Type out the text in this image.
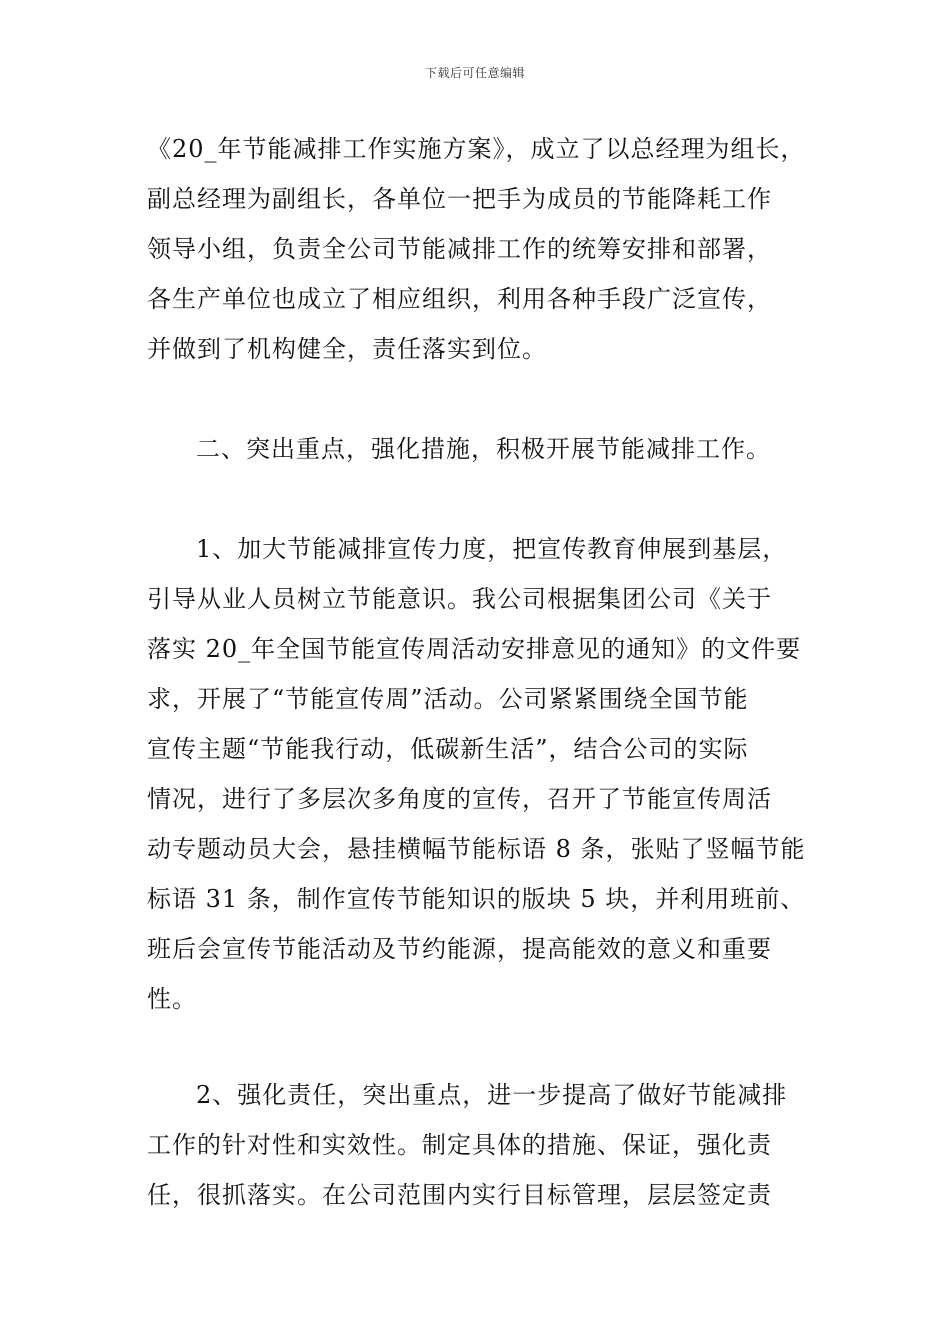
下载后可任意编辑
《20_年节能减排工作实施方案》，成立了以总经理为组长，
副总经理为副组长，各单位一把手为成员的节能降耗工作
领导小组，负责全公司节能减排工作的统筹安排和部署，
各生产单位也成立了相应组织，利用各种手段广泛宣传，
并做到了机构健全，责任落实到位。
二、突出重点，强化措施，积极开展节能减排工作。
1、加大节能减排宣传力度，把宣传教育伸展到基层，
引导从业人员树立节能意识。我公司根据集团公司《关于
落实 20_年全国节能宣传周活动安排意见的通知》的文件要
求，开展了“节能宣传周”活动。公司紧紧围绕全国节能
宣传主题“节能我行动，低碳新生活”，结合公司的实际
情况，进行了多层次多角度的宣传，召开了节能宣传周活
动专题动员大会，悬挂横幅节能标语 8 条，张贴了竖幅节能
标语 31 条，制作宣传节能知识的版块 5 块，并利用班前、
班后会宣传节能活动及节约能源，提高能效的意义和重要
性。
2、强化责任，突出重点，进一步提高了做好节能减排
工作的针对性和实效性。制定具体的措施、保证，强化责
任，很抓落实。在公司范围内实行目标管理，层层签定责
